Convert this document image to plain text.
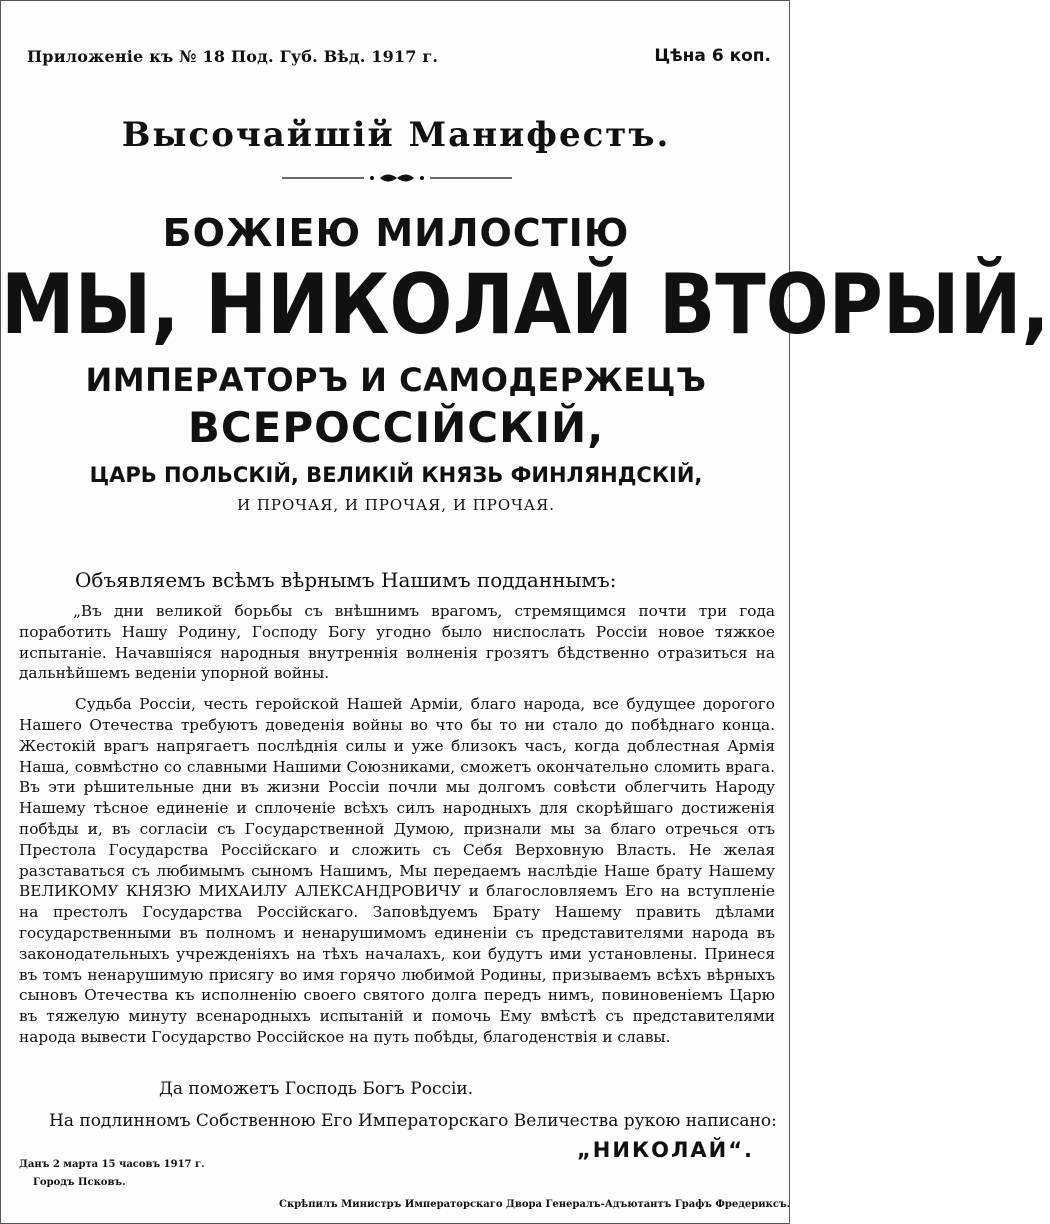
Приложенiе къ № 18 Под. Губ. Вѣд. 1917 г.	Цѣна 6 коп.
Высочайшiй Манифестъ.
БОЖIЕЮ МИЛОСТIЮ
МЫ, НИКОЛАЙ ВТОРЫЙ,
ИМПЕРАТОРЪ И САМОДЕРЖЕЦЪ
ВСЕРОССIЙСКIЙ,
ЦАРЬ ПОЛЬСКIЙ, ВЕЛИКIЙ КНЯЗЬ ФИНЛЯНДСКIЙ,
И ПРОЧАЯ, И ПРОЧАЯ, И ПРОЧАЯ.
Объявляемъ всѣмъ вѣрнымъ Нашимъ подданнымъ:

„Въ дни великой борьбы съ внѣшнимъ врагомъ, стремящимся почти три года поработить Нашу Родину, Господу Богу угодно было ниспослать Россiи новое тяжкое испытанiе. Начавшiяся народныя внутреннiя волненiя грозятъ бѣдственно отразиться на дальнѣйшемъ веденiи упорной войны.

Судьба Россiи, честь геройской Нашей Армiи, благо народа, все будущее дорогого Нашего Отечества требуютъ доведенiя войны во что бы то ни стало до побѣднаго конца. Жестокiй врагъ напрягаетъ послѣднiя силы и уже близокъ часъ, когда доблестная Армiя Наша, совмѣстно со славными Нашими Союзниками, сможетъ окончательно сломить врага. Въ эти рѣшительные дни въ жизни Россiи почли мы долгомъ совѣсти облегчить Народу Нашему тѣсное единенiе и сплоченiе всѣхъ силъ народныхъ для скорѣйшаго достиженiя побѣды и, въ согласiи съ Государственной Думою, признали мы за благо отречься отъ Престола Государства Россiйскаго и сложить съ Себя Верховную Власть. Не желая разставаться съ любимымъ сыномъ Нашимъ, Мы передаемъ наслѣдiе Наше брату Нашему ВЕЛИКОМУ КНЯЗЮ МИХАИЛУ АЛЕКСАНДРОВИЧУ и благословляемъ Его на вступленiе на престолъ Государства Россiйскаго. Заповѣдуемъ Брату Нашему править дѣлами государственными въ полномъ и ненарушимомъ единенiи съ представителями народа въ законодательныхъ учрежденiяхъ на тѣхъ началахъ, кои будутъ ими установлены. Принеся въ томъ ненарушимую присягу во имя горячо любимой Родины, призываемъ всѣхъ вѣрныхъ сыновъ Отечества къ исполненiю своего святого долга передъ нимъ, повиновенiемъ Царю въ тяжелую минуту всенародныхъ испытанiй и помочь Ему вмѣстѣ съ представителями народа вывести Государство Россiйское на путь побѣды, благоденствiя и славы.

Да поможетъ Господь Богъ Россiи.
На подлинномъ Собственною Его Императорскаго Величества рукою написано:
„НИКОЛАЙ“.
Данъ 2 марта 15 часовъ 1917 г.
Городъ Псковъ.
Скрѣпилъ Министръ Императорскаго Двора Генералъ-Адъютантъ Графъ Фредериксъ.
